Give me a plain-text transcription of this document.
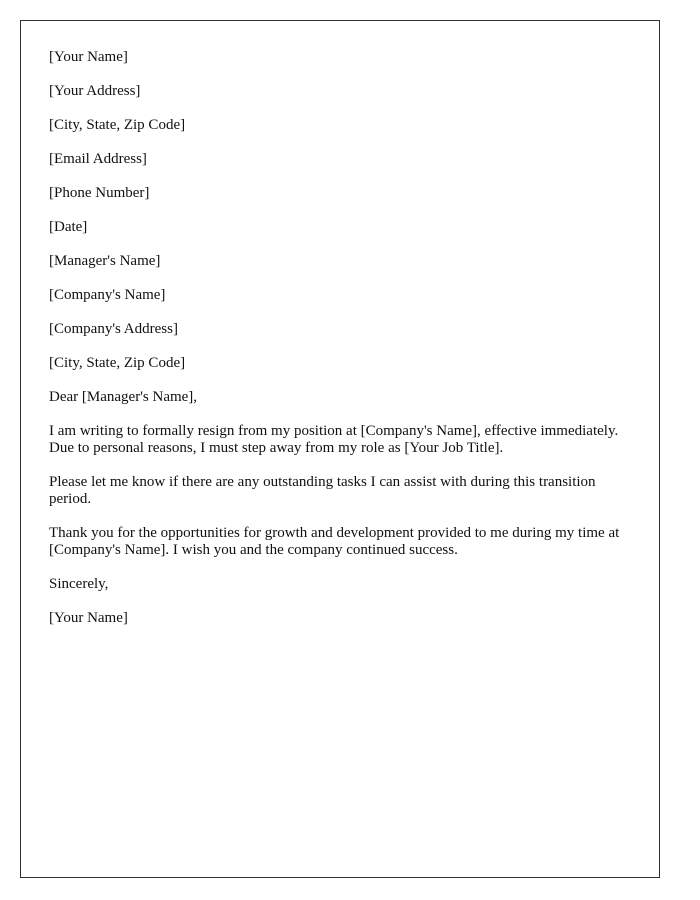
[Your Name]

[Your Address]

[City, State, Zip Code]

[Email Address]

[Phone Number]

[Date]

[Manager's Name]

[Company's Name]

[Company's Address]

[City, State, Zip Code]

Dear [Manager's Name],

I am writing to formally resign from my position at [Company's Name], effective immediately. Due to personal reasons, I must step away from my role as [Your Job Title].

Please let me know if there are any outstanding tasks I can assist with during this transition period.

Thank you for the opportunities for growth and development provided to me during my time at [Company's Name]. I wish you and the company continued success.

Sincerely,

[Your Name]
